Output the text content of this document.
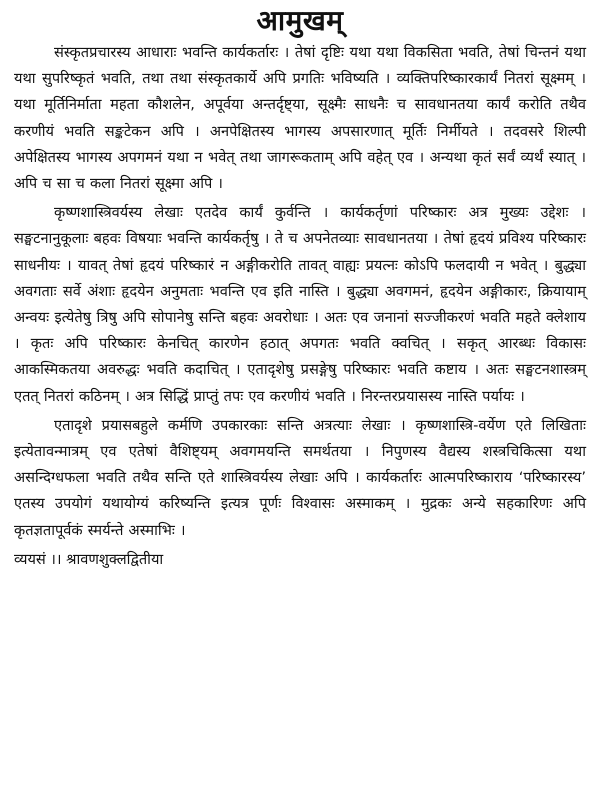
आमुखम्

संस्कृतप्रचारस्य आधाराः भवन्ति कार्यकर्तारः । तेषां दृष्टिः यथा यथा विकसिता भवति, तेषां चिन्तनं यथा यथा सुपरिष्कृतं भवति, तथा तथा संस्कृतकार्ये अपि प्रगतिः भविष्यति । व्यक्तिपरिष्कारकार्यं नितरां सूक्ष्मम् । यथा मूर्तिनिर्माता महता कौशलेन, अपूर्वया अन्तर्दृष्ट्या, सूक्ष्मैः साधनैः च सावधानतया कार्यं करोति तथैव करणीयं भवति सङ्कटेकन अपि । अनपेक्षितस्य भागस्य अपसारणात् मूर्तिः निर्मीयते । तदवसरे शिल्पी अपेक्षितस्य भागस्य अपगमनं यथा न भवेत् तथा जागरूकताम् अपि वहेत् एव । अन्यथा कृतं सर्वं व्यर्थं स्यात् । अपि च सा च कला नितरां सूक्ष्मा अपि ।

कृष्णशास्त्रिवर्यस्य लेखाः एतदेव कार्यं कुर्वन्ति । कार्यकर्तृणां परिष्कारः अत्र मुख्यः उद्देशः । सङ्घटनानुकूलाः बहवः विषयाः भवन्ति कार्यकर्तृषु । ते च अपनेतव्याः सावधानतया । तेषां हृदयं प्रविश्य परिष्कारः साधनीयः । यावत् तेषां हृदयं परिष्कारं न अङ्गीकरोति तावत् वाह्यः प्रयत्नः कोऽपि फलदायी न भवेत् । बुद्ध्या अवगताः सर्वे अंशाः हृदयेन अनुमताः भवन्ति एव इति नास्ति । बुद्ध्या अवगमनं, हृदयेन अङ्गीकारः, क्रियायाम् अन्वयः इत्येतेषु त्रिषु अपि सोपानेषु सन्ति बहवः अवरोधाः । अतः एव जनानां सज्जीकरणं भवति महते क्लेशाय । कृतः अपि परिष्कारः केनचित् कारणेन हठात् अपगतः भवति क्वचित् । सकृत् आरब्धः विकासः आकस्मिकतया अवरुद्धः भवति कदाचित् । एतादृशेषु प्रसङ्गेषु परिष्कारः भवति कष्टाय । अतः सङ्घटनशास्त्रम् एतत् नितरां कठिनम् । अत्र सिद्धिं प्राप्तुं तपः एव करणीयं भवति । निरन्तरप्रयासस्य नास्ति पर्यायः ।

एतादृशे प्रयासबहुले कर्मणि उपकारकाः सन्ति अत्रत्याः लेखाः । कृष्णशास्त्रि-वर्येण एते लिखिताः इत्येतावन्मात्रम् एव एतेषां वैशिष्ट्यम् अवगमयन्ति समर्थतया । निपुणस्य वैद्यस्य शस्त्रचिकित्सा यथा असन्दिग्धफला भवति तथैव सन्ति एते शास्त्रिवर्यस्य लेखाः अपि । कार्यकर्तारः आत्मपरिष्काराय ‘परिष्कारस्य’ एतस्य उपयोगं यथायोग्यं करिष्यन्ति इत्यत्र पूर्णः विश्वासः अस्माकम् । मुद्रकः अन्ये सहकारिणः अपि कृतज्ञतापूर्वकं स्मर्यन्ते अस्माभिः ।

व्ययसं ।। श्रावणशुक्लद्वितीया
